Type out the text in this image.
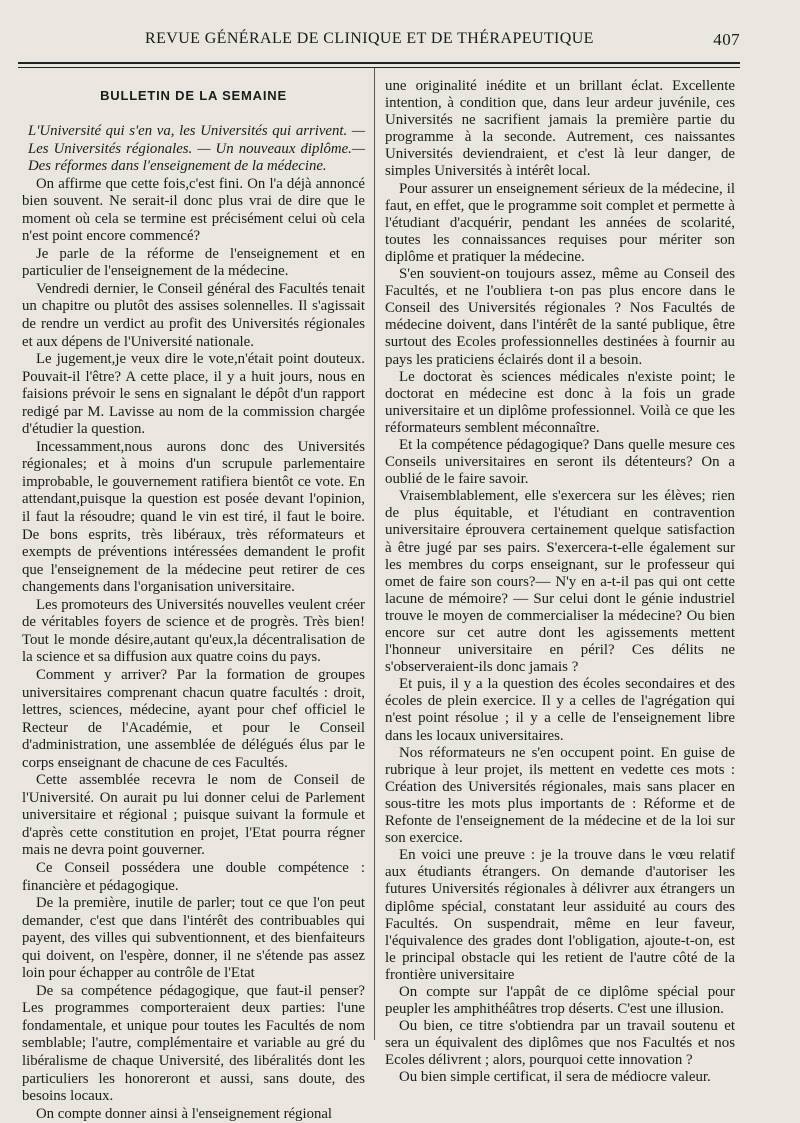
REVUE GÉNÉRALE DE CLINIQUE ET DE THÉRAPEUTIQUE	407
BULLETIN DE LA SEMAINE

L'Université qui s'en va, les Universités qui arrivent. — Les Universités régionales. — Un nouveaux diplôme.— Des réformes dans l'enseignement de la médecine.

On affirme que cette fois,c'est fini. On l'a déjà annoncé bien souvent. Ne serait-il donc plus vrai de dire que le moment où cela se termine est précisément celui où cela n'est point encore commencé?

Je parle de la réforme de l'enseignement et en particulier de l'enseignement de la médecine.

Vendredi dernier, le Conseil général des Facultés tenait un chapitre ou plutôt des assises solennelles. Il s'agissait de rendre un verdict au profit des Universités régionales et aux dépens de l'Université nationale.

Le jugement,je veux dire le vote,n'était point douteux. Pouvait-il l'être? A cette place, il y a huit jours, nous en faisions prévoir le sens en signalant le dépôt d'un rapport redigé par M. Lavisse au nom de la commission chargée d'étudier la question.

Incessamment,nous aurons donc des Universités régionales; et à moins d'un scrupule parlementaire improbable, le gouvernement ratifiera bientôt ce vote. En attendant,puisque la question est posée devant l'opinion, il faut la résoudre; quand le vin est tiré, il faut le boire. De bons esprits, très libéraux, très réformateurs et exempts de préventions intéressées demandent le profit que l'enseignement de la médecine peut retirer de ces changements dans l'organisation universitaire.

Les promoteurs des Universités nouvelles veulent créer de véritables foyers de science et de progrès. Très bien! Tout le monde désire,autant qu'eux,la décentralisation de la science et sa diffusion aux quatre coins du pays.

Comment y arriver? Par la formation de groupes universitaires comprenant chacun quatre facultés : droit, lettres, sciences, médecine, ayant pour chef officiel le Recteur de l'Académie, et pour le Conseil d'administration, une assemblée de délégués élus par le corps enseignant de chacune de ces Facultés.

Cette assemblée recevra le nom de Conseil de l'Université. On aurait pu lui donner celui de Parlement universitaire et régional ; puisque suivant la formule et d'après cette constitution en projet, l'Etat pourra régner mais ne devra point gouverner.

Ce Conseil possédera une double compétence : financière et pédagogique.

De la première, inutile de parler; tout ce que l'on peut demander, c'est que dans l'intérêt des contribuables qui payent, des villes qui subventionnent, et des bienfaiteurs qui doivent, on l'espère, donner, il ne s'étende pas assez loin pour échapper au contrôle de l'Etat

De sa compétence pédagogique, que faut-il penser? Les programmes comporteraient deux parties: l'une fondamentale, et unique pour toutes les Facultés de nom semblable; l'autre, complémentaire et variable au gré du libéralisme de chaque Université, des libéralités dont les particuliers les honoreront et aussi, sans doute, des besoins locaux.

On compte donner ainsi à l'enseignement régional

une originalité inédite et un brillant éclat. Excellente intention, à condition que, dans leur ardeur juvénile, ces Universités ne sacrifient jamais la première partie du programme à la seconde. Autrement, ces naissantes Universités deviendraient, et c'est là leur danger, de simples Universités à intérêt local.

Pour assurer un enseignement sérieux de la médecine, il faut, en effet, que le programme soit complet et permette à l'étudiant d'acquérir, pendant les années de scolarité, toutes les connaissances requises pour mériter son diplôme et pratiquer la médecine.

S'en souvient-on toujours assez, même au Conseil des Facultés, et ne l'oubliera t-on pas plus encore dans le Conseil des Universités régionales ? Nos Facultés de médecine doivent, dans l'intérêt de la santé publique, être surtout des Ecoles professionnelles destinées à fournir au pays les praticiens éclairés dont il a besoin.

Le doctorat ès sciences médicales n'existe point; le doctorat en médecine est donc à la fois un grade universitaire et un diplôme professionnel. Voilà ce que les réformateurs semblent méconnaître.

Et la compétence pédagogique? Dans quelle mesure ces Conseils universitaires en seront ils détenteurs? On a oublié de le faire savoir.

Vraisemblablement, elle s'exercera sur les élèves; rien de plus équitable, et l'étudiant en contravention universitaire éprouvera certainement quelque satisfaction à être jugé par ses pairs. S'exercera-t-elle également sur les membres du corps enseignant, sur le professeur qui omet de faire son cours?— N'y en a-t-il pas qui ont cette lacune de mémoire? — Sur celui dont le génie industriel trouve le moyen de commercialiser la médecine? Ou bien encore sur cet autre dont les agissements mettent l'honneur universitaire en péril? Ces délits ne s'observeraient-ils donc jamais ?

Et puis, il y a la question des écoles secondaires et des écoles de plein exercice. Il y a celles de l'agrégation qui n'est point résolue ; il y a celle de l'enseignement libre dans les locaux universitaires.

Nos réformateurs ne s'en occupent point. En guise de rubrique à leur projet, ils mettent en vedette ces mots : Création des Universités régionales, mais sans placer en sous-titre les mots plus importants de : Réforme et de Refonte de l'enseignement de la médecine et de la loi sur son exercice.

En voici une preuve : je la trouve dans le vœu relatif aux étudiants étrangers. On demande d'autoriser les futures Universités régionales à délivrer aux étrangers un diplôme spécial, constatant leur assiduité au cours des Facultés. On suspendrait, même en leur faveur, l'équivalence des grades dont l'obligation, ajoute-t-on, est le principal obstacle qui les retient de l'autre côté de la frontière universitaire

On compte sur l'appât de ce diplôme spécial pour peupler les amphithéâtres trop déserts. C'est une illusion.

Ou bien, ce titre s'obtiendra par un travail soutenu et sera un équivalent des diplômes que nos Facultés et nos Ecoles délivrent ; alors, pourquoi cette innovation ?

Ou bien simple certificat, il sera de médiocre valeur.
